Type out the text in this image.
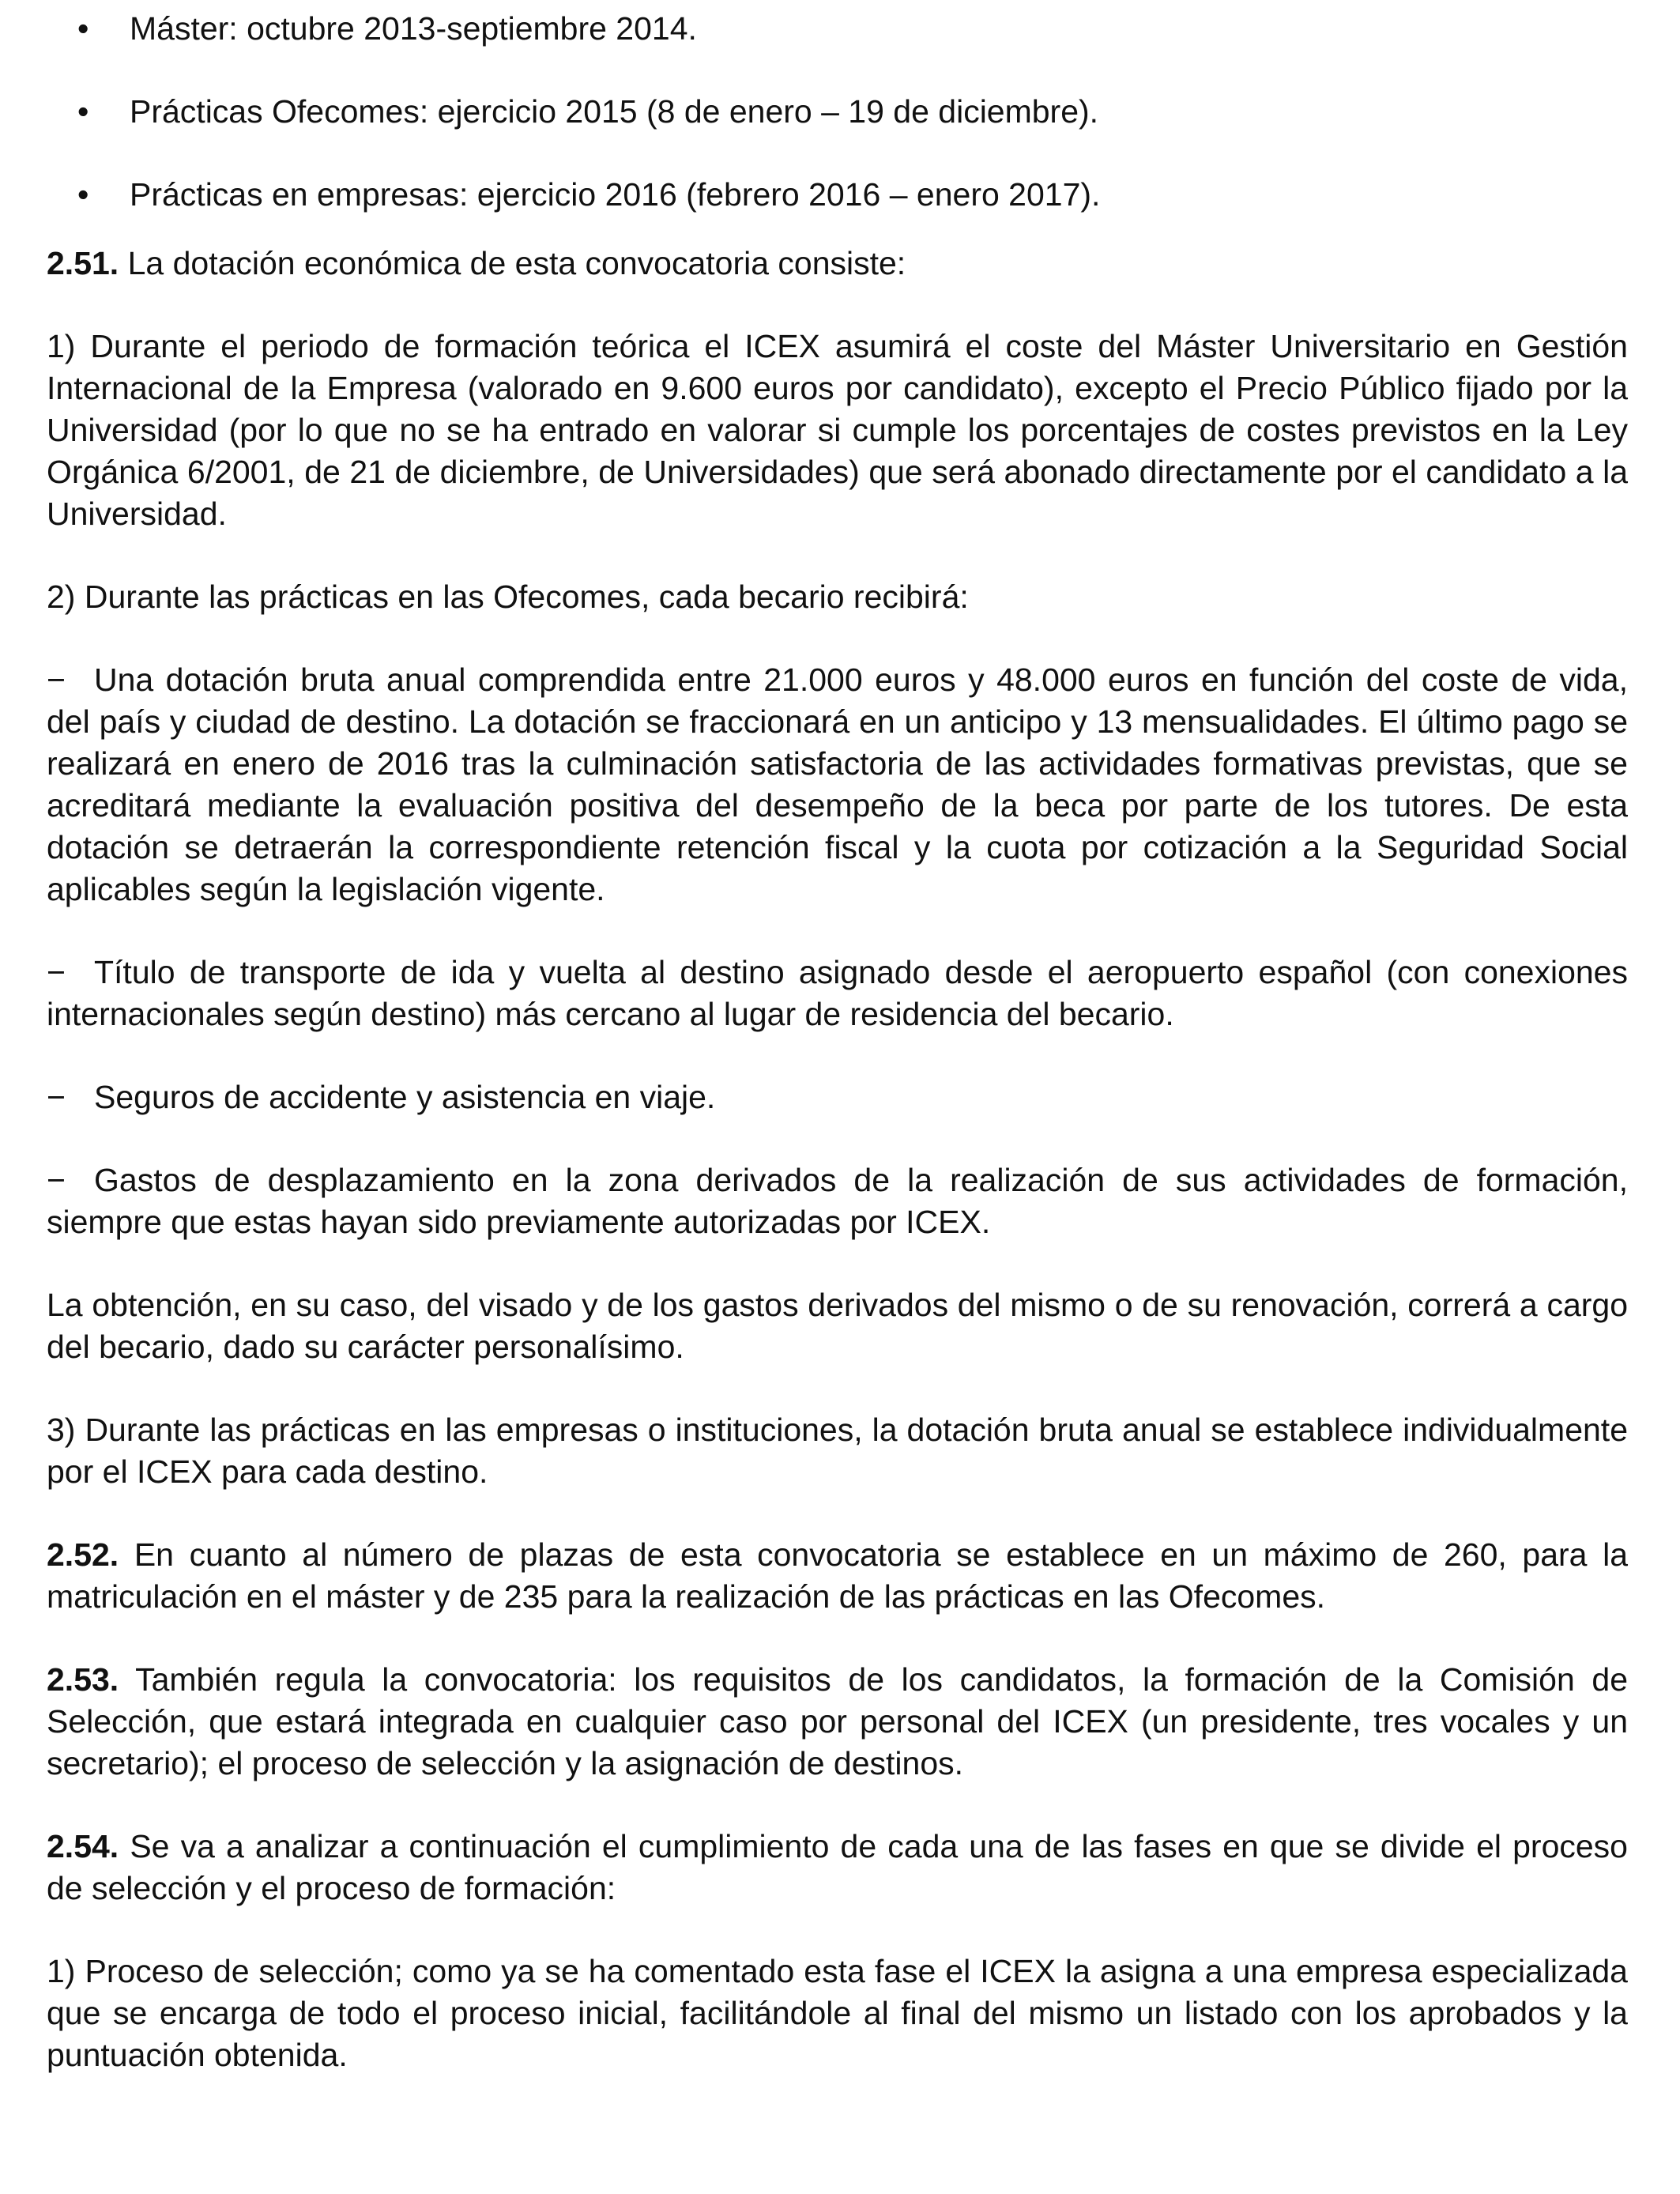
• Máster: octubre 2013-septiembre 2014.
• Prácticas Ofecomes: ejercicio 2015 (8 de enero – 19 de diciembre).
• Prácticas en empresas: ejercicio 2016 (febrero 2016 – enero 2017).

2.51. La dotación económica de esta convocatoria consiste:

1) Durante el periodo de formación teórica el ICEX asumirá el coste del Máster Universitario en Gestión Internacional de la Empresa (valorado en 9.600 euros por candidato), excepto el Precio Público fijado por la Universidad (por lo que no se ha entrado en valorar si cumple los porcentajes de costes previstos en la Ley Orgánica 6/2001, de 21 de diciembre, de Universidades) que será abonado directamente por el candidato a la Universidad.

2) Durante las prácticas en las Ofecomes, cada becario recibirá:

− Una dotación bruta anual comprendida entre 21.000 euros y 48.000 euros en función del coste de vida, del país y ciudad de destino. La dotación se fraccionará en un anticipo y 13 mensualidades. El último pago se realizará en enero de 2016 tras la culminación satisfactoria de las actividades formativas previstas, que se acreditará mediante la evaluación positiva del desempeño de la beca por parte de los tutores. De esta dotación se detraerán la correspondiente retención fiscal y la cuota por cotización a la Seguridad Social aplicables según la legislación vigente.

− Título de transporte de ida y vuelta al destino asignado desde el aeropuerto español (con conexiones internacionales según destino) más cercano al lugar de residencia del becario.

− Seguros de accidente y asistencia en viaje.

− Gastos de desplazamiento en la zona derivados de la realización de sus actividades de formación, siempre que estas hayan sido previamente autorizadas por ICEX.

La obtención, en su caso, del visado y de los gastos derivados del mismo o de su renovación, correrá a cargo del becario, dado su carácter personalísimo.

3) Durante las prácticas en las empresas o instituciones, la dotación bruta anual se establece individualmente por el ICEX para cada destino.

2.52. En cuanto al número de plazas de esta convocatoria se establece en un máximo de 260, para la matriculación en el máster y de 235 para la realización de las prácticas en las Ofecomes.

2.53. También regula la convocatoria: los requisitos de los candidatos, la formación de la Comisión de Selección, que estará integrada en cualquier caso por personal del ICEX (un presidente, tres vocales y un secretario); el proceso de selección y la asignación de destinos.

2.54. Se va a analizar a continuación el cumplimiento de cada una de las fases en que se divide el proceso de selección y el proceso de formación:

1) Proceso de selección; como ya se ha comentado esta fase el ICEX la asigna a una empresa especializada que se encarga de todo el proceso inicial, facilitándole al final del mismo un listado con los aprobados y la puntuación obtenida.
